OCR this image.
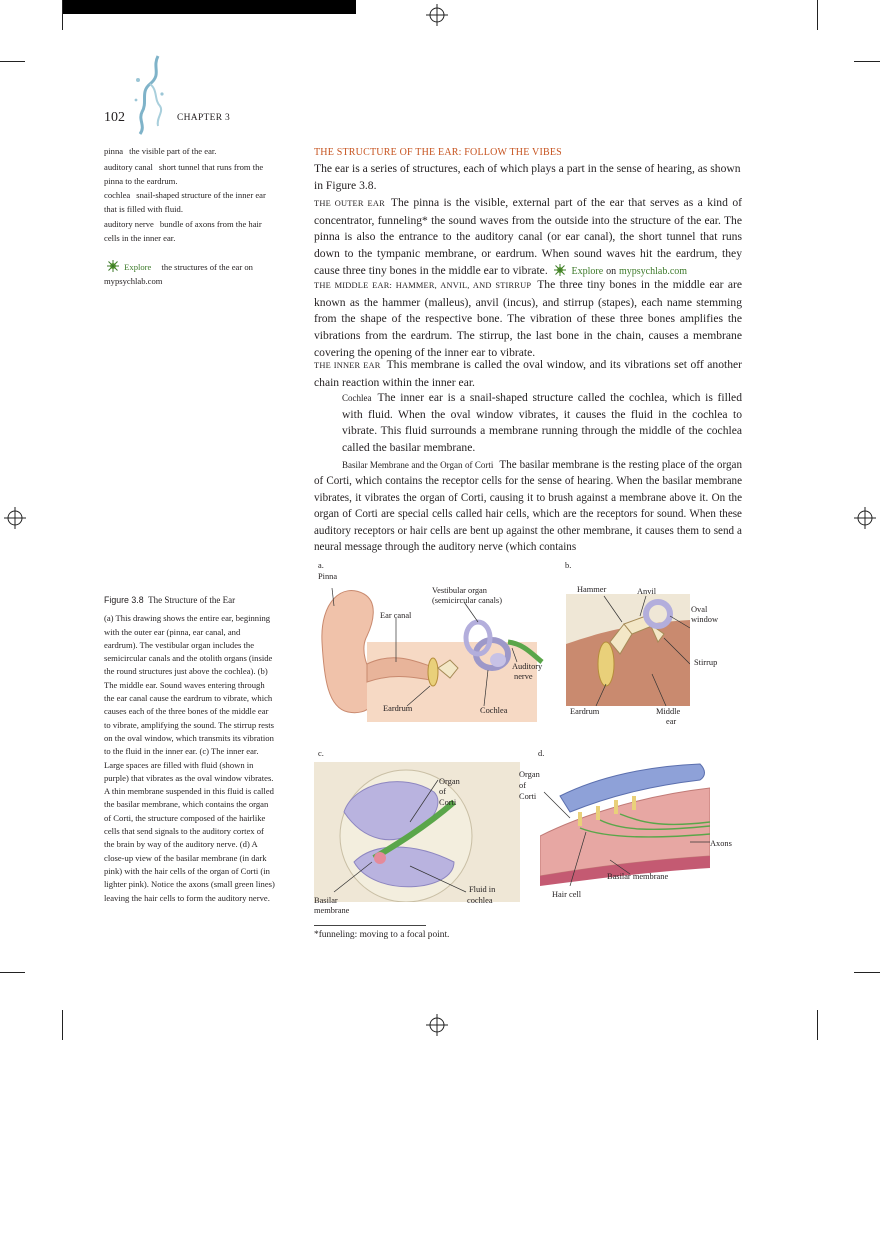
102	CHAPTER 3
pinna the visible part of the ear.
auditory canal short tunnel that runs from the pinna to the eardrum.
cochlea snail-shaped structure of the inner ear that is filled with fluid.
auditory nerve bundle of axons from the hair cells in the inner ear.
Explore the structures of the ear on mypsychlab.com
THE STRUCTURE OF THE EAR: FOLLOW THE VIBES
The ear is a series of structures, each of which plays a part in the sense of hearing, as shown in Figure 3.8.
THE OUTER EAR The pinna is the visible, external part of the ear that serves as a kind of concentrator, funneling* the sound waves from the outside into the structure of the ear. The pinna is also the entrance to the auditory canal (or ear canal), the short tunnel that runs down to the tympanic membrane, or eardrum. When sound waves hit the eardrum, they cause three tiny bones in the middle ear to vibrate. Explore on mypsychlab.com
THE MIDDLE EAR: HAMMER, ANVIL, AND STIRRUP The three tiny bones in the middle ear are known as the hammer (malleus), anvil (incus), and stirrup (stapes), each name stemming from the shape of the respective bone. The vibration of these three bones amplifies the vibrations from the eardrum. The stirrup, the last bone in the chain, causes a membrane covering the opening of the inner ear to vibrate.
THE INNER EAR This membrane is called the oval window, and its vibrations set off another chain reaction within the inner ear.
Cochlea The inner ear is a snail-shaped structure called the cochlea, which is filled with fluid. When the oval window vibrates, it causes the fluid in the cochlea to vibrate. This fluid surrounds a membrane running through the middle of the cochlea called the basilar membrane.
Basilar Membrane and the Organ of Corti The basilar membrane is the resting place of the organ of Corti, which contains the receptor cells for the sense of hearing. When the basilar membrane vibrates, it vibrates the organ of Corti, causing it to brush against a membrane above it. On the organ of Corti are special cells called hair cells, which are the receptors for sound. When these auditory receptors or hair cells are bent up against the other membrane, it causes them to send a neural message through the auditory nerve (which contains
Figure 3.8 The Structure of the Ear
(a) This drawing shows the entire ear, beginning with the outer ear (pinna, ear canal, and eardrum). The vestibular organ includes the semicircular canals and the otolith organs (inside the round structures just above the cochlea). (b) The middle ear. Sound waves entering through the ear canal cause the eardrum to vibrate, which causes each of the three bones of the middle ear to vibrate, amplifying the sound. The stirrup rests on the oval window, which transmits its vibration to the fluid in the inner ear. (c) The inner ear. Large spaces are filled with fluid (shown in purple) that vibrates as the oval window vibrates. A thin membrane suspended in this fluid is called the basilar membrane, which contains the organ of Corti, the structure composed of the hairlike cells that send signals to the auditory cortex of the brain by way of the auditory nerve. (d) A close-up view of the basilar membrane (in dark pink) with the hair cells of the organ of Corti (in lighter pink). Notice the axons (small green lines) leaving the hair cells to form the auditory nerve.
a.
Pinna
Vestibular organ
(semicircular canals)
Ear canal
Auditory
nerve
Eardrum	Cochlea
b.
Hammer	Anvil
Oval
window
Stirrup
Eardrum	Middle
ear
c.
Organ
of
Corti
Fluid in
cochlea
Basilar
membrane
d.
Organ
of
Corti
Axons
Basilar membrane
Hair cell
*funneling: moving to a focal point.
